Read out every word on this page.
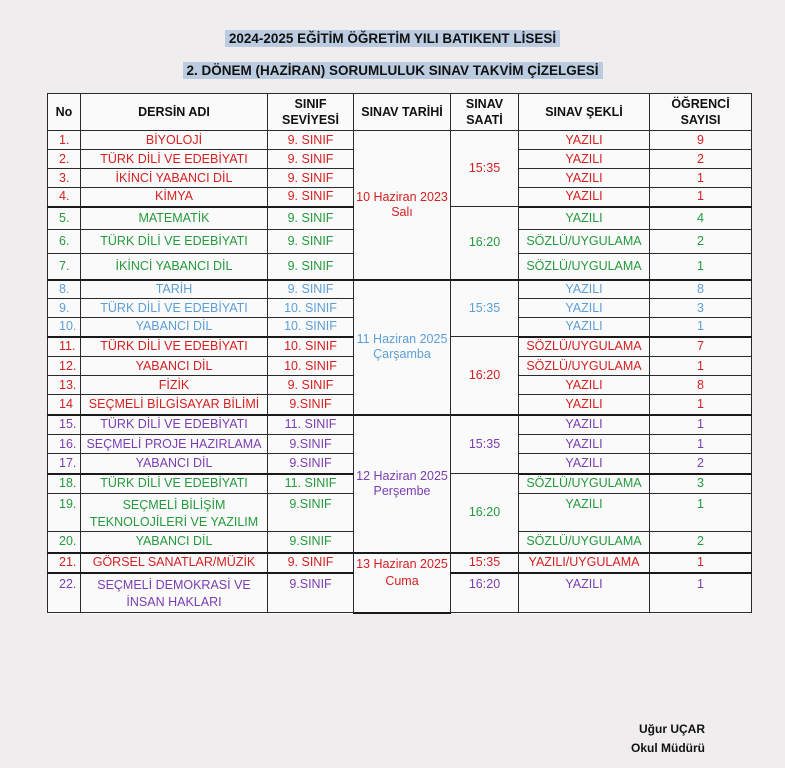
2024-2025 EĞİTİM ÖĞRETİM YILI BATIKENT LİSESİ
2. DÖNEM (HAZİRAN) SORUMLULUK SINAV TAKVİM ÇİZELGESİ
No	DERSİN ADI	SINIF SEVİYESİ	SINAV TARİHİ	SINAV SAATİ	SINAV ŞEKLİ	ÖĞRENCİ SAYISI
1.	BİYOLOJİ	9. SINIF	10 Haziran 2023 Salı	15:35	YAZILI	9
2.	TÜRK DİLİ VE EDEBİYATI	9. SINIF			YAZILI	2
3.	İKİNCİ YABANCI DİL	9. SINIF			YAZILI	1
4.	KİMYA	9. SINIF			YAZILI	1
5.	MATEMATİK	9. SINIF		16:20	YAZILI	4
6.	TÜRK DİLİ VE EDEBİYATI	9. SINIF			SÖZLÜ/UYGULAMA	2
7.	İKİNCİ YABANCI DİL	9. SINIF			SÖZLÜ/UYGULAMA	1
8.	TARİH	9. SINIF	11 Haziran 2025 Çarşamba	15:35	YAZILI	8
9.	TÜRK DİLİ VE EDEBİYATI	10. SINIF			YAZILI	3
10.	YABANCI DİL	10. SINIF			YAZILI	1
11.	TÜRK DİLİ VE EDEBİYATI	10. SINIF		16:20	SÖZLÜ/UYGULAMA	7
12.	YABANCI DİL	10. SINIF			SÖZLÜ/UYGULAMA	1
13.	FİZİK	9. SINIF			YAZILI	8
14	SEÇMELİ BİLGİSAYAR BİLİMİ	9.SINIF			YAZILI	1
15.	TÜRK DİLİ VE EDEBİYATI	11. SINIF	12 Haziran 2025 Perşembe	15:35	YAZILI	1
16.	SEÇMELİ PROJE HAZIRLAMA	9.SINIF			YAZILI	1
17.	YABANCI DİL	9.SINIF			YAZILI	2
18.	TÜRK DİLİ VE EDEBİYATI	11. SINIF		16:20	SÖZLÜ/UYGULAMA	3
19.	SEÇMELİ BİLİŞİM TEKNOLOJİLERİ VE YAZILIM	9.SINIF			YAZILI	1
20.	YABANCI DİL	9.SINIF			SÖZLÜ/UYGULAMA	2
21.	GÖRSEL SANATLAR/MÜZİK	9. SINIF	13 Haziran 2025 Cuma	15:35	YAZILI/UYGULAMA	1
22.	SEÇMELİ DEMOKRASİ VE İNSAN HAKLARI	9.SINIF		16:20	YAZILI	1
Uğur UÇAR
Okul Müdürü
